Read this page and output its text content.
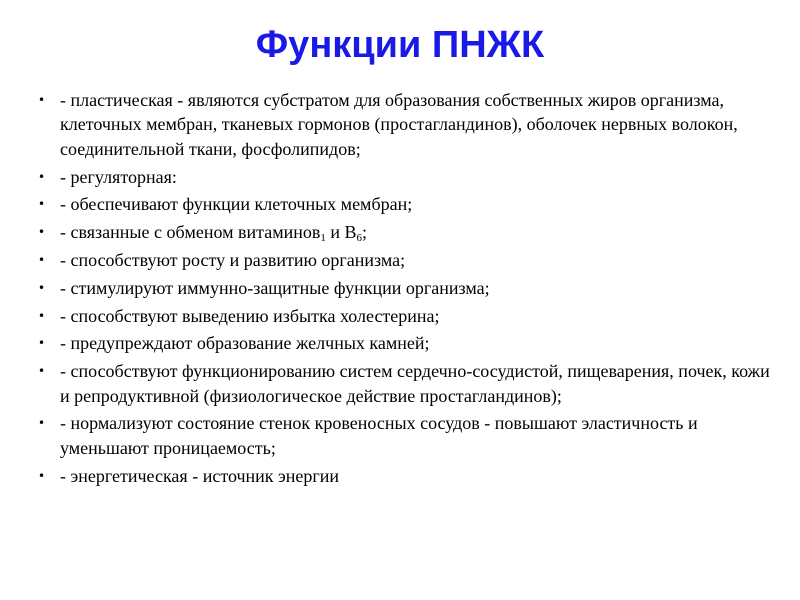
Функции ПНЖК
• - пластическая - являются субстратом для образования собственных жиров организма, клеточных мембран, тканевых гормонов (простагландинов), оболочек нервных волокон, соединительной ткани, фосфолипидов;
• - регуляторная:
• - обеспечивают функции клеточных мембран;
• - связанные с обменом витаминов$_1$ и $В_6$;
• - способствуют росту и развитию организма;
• - стимулируют иммунно-защитные функции организма;
• - способствуют выведению избытка холестерина;
• - предупреждают образование желчных камней;
• - способствуют функционированию систем сердечно-сосудистой, пищеварения, почек, кожи и репродуктивной (физиологическое действие простагландинов);
• - нормализуют состояние стенок кровеносных сосудов - повышают эластичность и уменьшают проницаемость;
• - энергетическая - источник энергии
